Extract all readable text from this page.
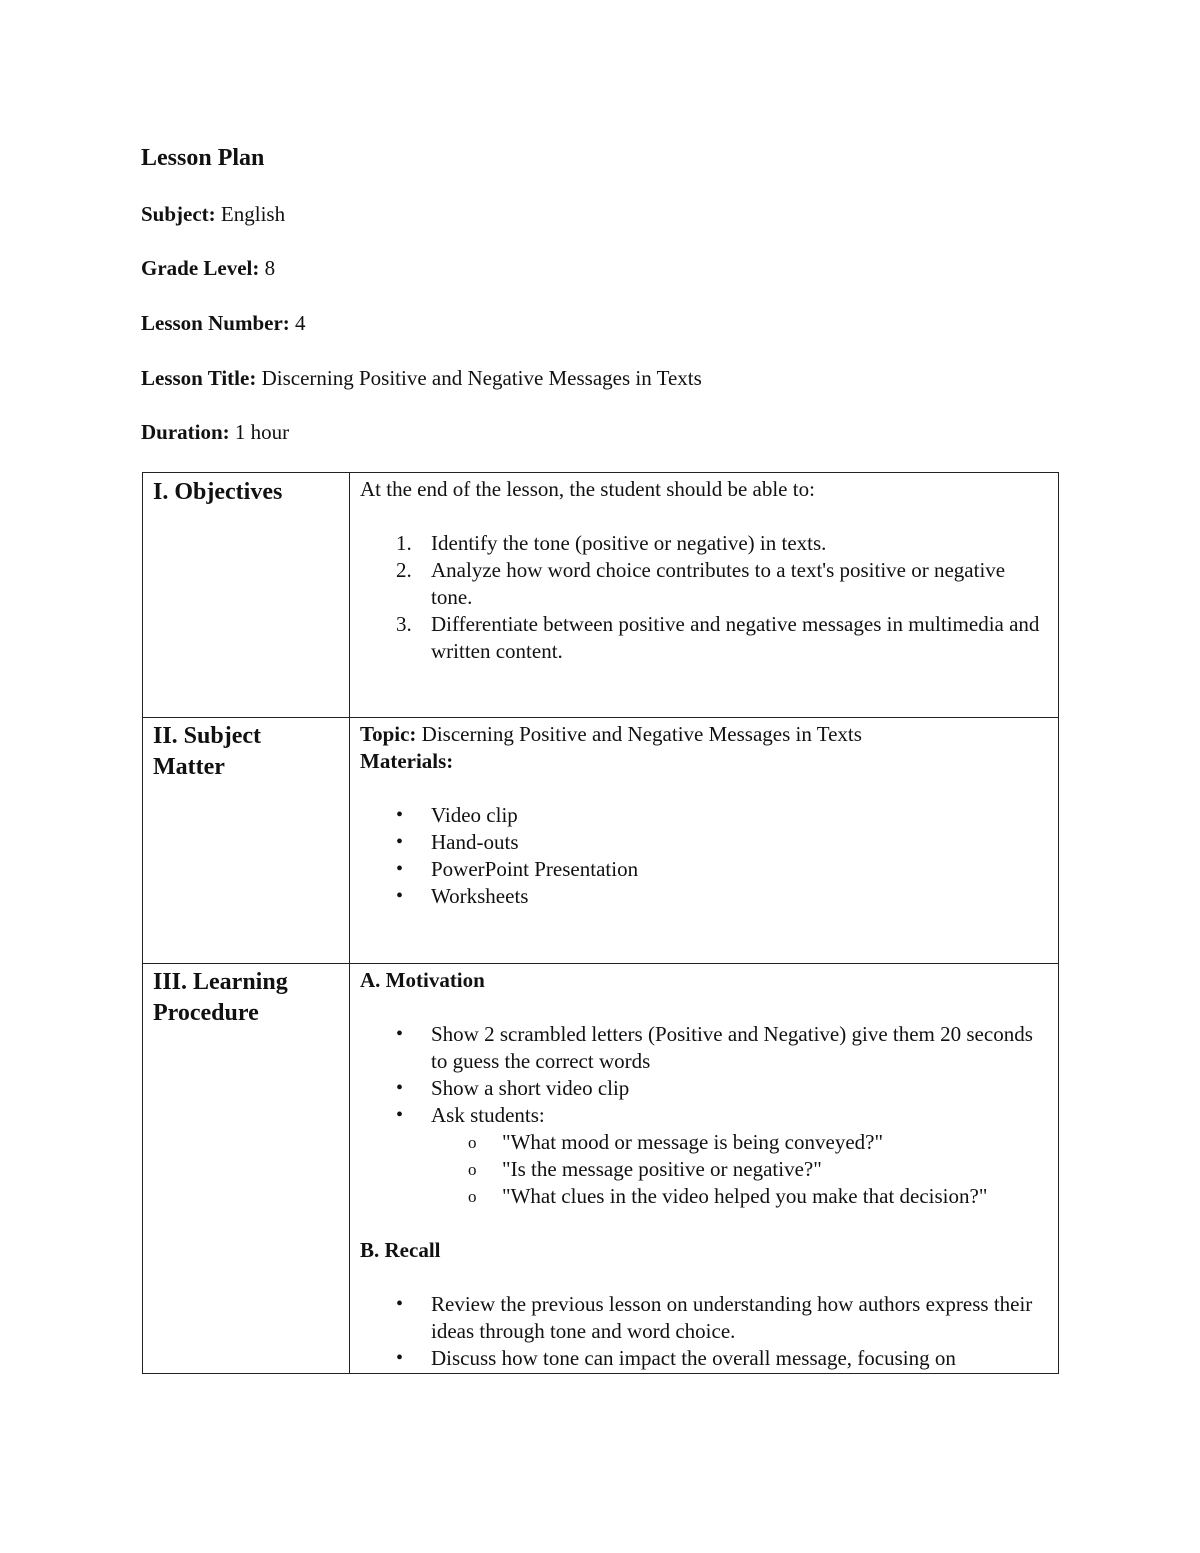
Lesson Plan
Subject: English
Grade Level: 8
Lesson Number: 4
Lesson Title: Discerning Positive and Negative Messages in Texts
Duration: 1 hour
I. Objectives	At the end of the lesson, the student should be able to:

1. Identify the tone (positive or negative) in texts.
2. Analyze how word choice contributes to a text's positive or negative tone.
3. Differentiate between positive and negative messages in multimedia and written content.
II. Subject
Matter

Topic: Discerning Positive and Negative Messages in Texts

Materials:

• Video clip
• Hand-outs
• PowerPoint Presentation
• Worksheets
III. Learning
Procedure

A. Motivation

• Show 2 scrambled letters (Positive and Negative) give them 20 seconds to guess the correct words
• Show a short video clip
• Ask students:
o "What mood or message is being conveyed?"
o "Is the message positive or negative?"
o "What clues in the video helped you make that decision?"

B. Recall

• Review the previous lesson on understanding how authors express their ideas through tone and word choice.
• Discuss how tone can impact the overall message, focusing on
